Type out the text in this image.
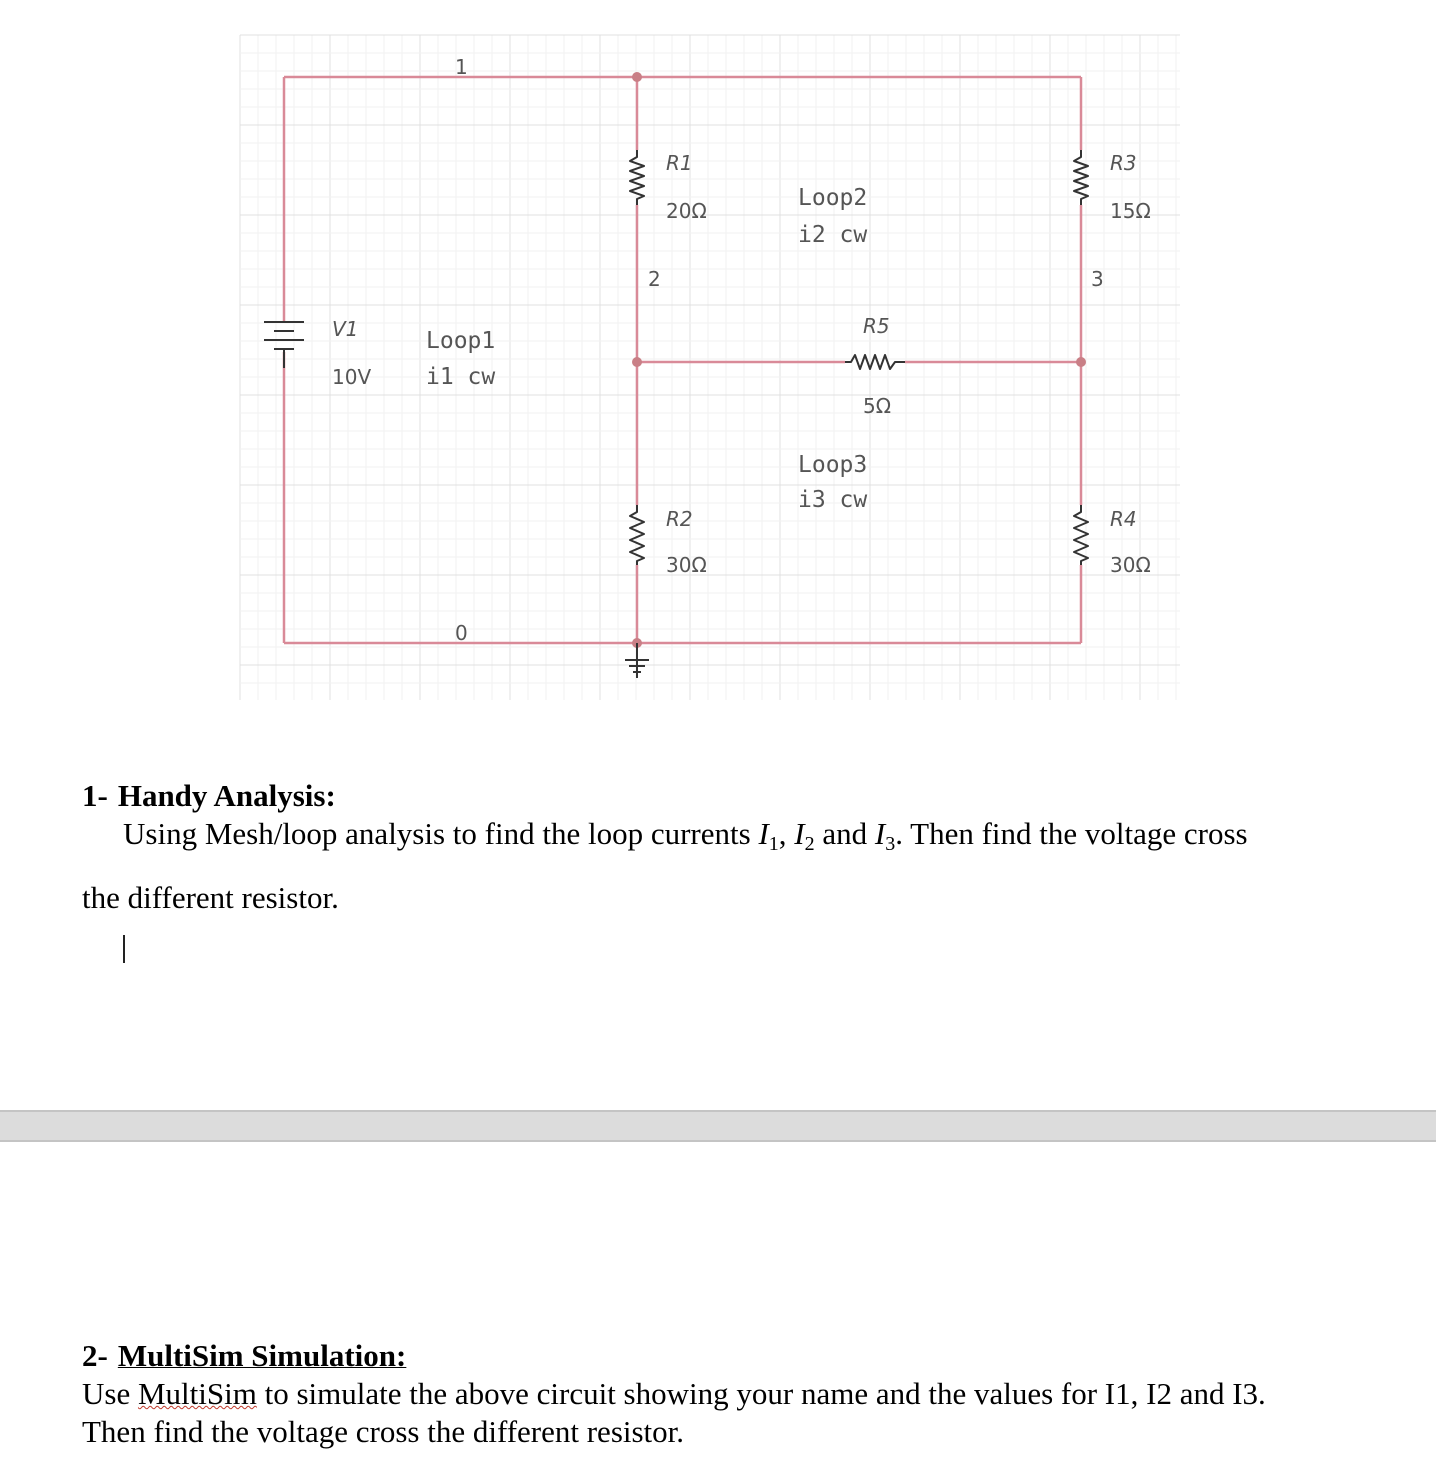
1
2	3
0
V1
10V
R1
20Ω
R2
30Ω
R3
15Ω
R4
30Ω
R5
5Ω
Loop1
i1 cw
Loop2
i2 cw
Loop3
i3 cw
1- Handy Analysis:
Using Mesh/loop analysis to find the loop currents $I_1$, $I_2$ and $I_3$. Then find the voltage cross
the different resistor.
2- MultiSim Simulation:
Use MultiSim to simulate the above circuit showing your name and the values for I1, I2 and I3.
Then find the voltage cross the different resistor.
